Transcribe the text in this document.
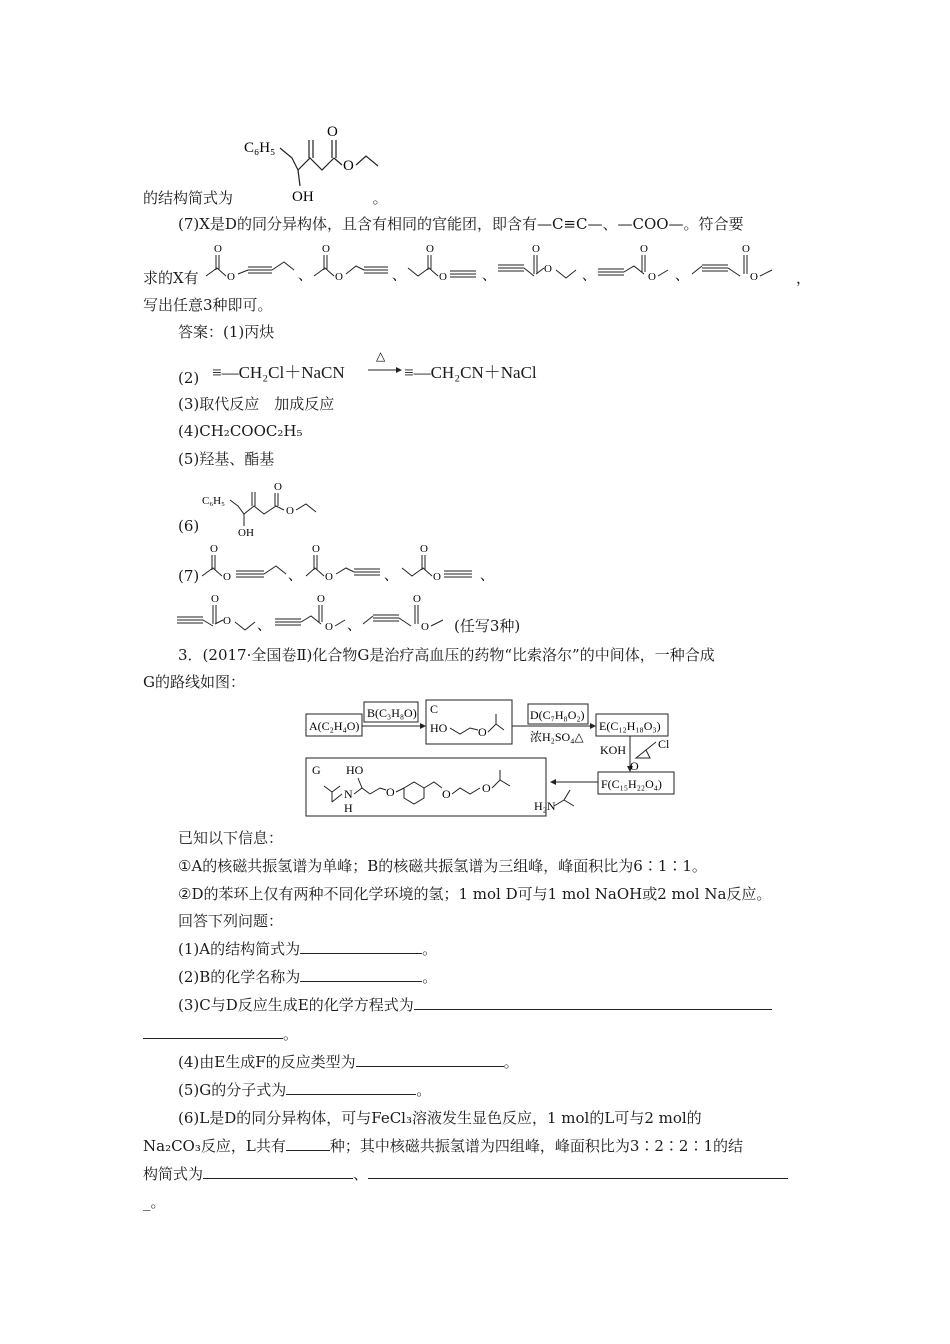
C₆H₅
O
O
OH
的结构简式为	。
(7)X是D的同分异构体，且含有相同的官能团，即含有—C≡C—、—COO—。符合要
求的X有
O
O	、
O
O	、
O
O	、
O
O 、
O
O 、
O
O	，
写出任意3种即可。
答案：(1)丙炔
(2) ≡—CH₂Cl＋NaCN
△
≡—CH₂CN＋NaCl
(3)取代反应　加成反应
(4)CH₂COOC₂H₅
(5)羟基、酯基
(6)
C₆H₅
OH
O
O
(7)
O
O	、
O
O	、
O
O	、
O
O 、
O
O 、
O
O (任写3种)
3．(2017·全国卷Ⅱ)化合物G是治疗高血压的药物“比索洛尔”的中间体，一种合成
G的路线如图：
A(C₂H₄O)
B(C₃H₈O) C
HO	O
D(C₇H₈O₂)
浓H₂SO₄△
E(C₁₂H₁₈O₃)
KOH	Cl
O
F(C₁₅H₂₂O₄)
H₂N
G HO
N
H
O	O	O
已知以下信息：
①A的核磁共振氢谱为单峰；B的核磁共振氢谱为三组峰，峰面积比为6∶1∶1。
②D的苯环上仅有两种不同化学环境的氢；1 mol D可与1 mol NaOH或2 mol Na反应。
回答下列问题：
(1)A的结构简式为	。
(2)B的化学名称为	。
(3)C与D反应生成E的化学方程式为
。
(4)由E生成F的反应类型为	。
(5)G的分子式为	。
(6)L是D的同分异构体，可与FeCl₃溶液发生显色反应，1 mol的L可与2 mol的
Na₂CO₃反应，L共有	种；其中核磁共振氢谱为四组峰，峰面积比为3∶2∶2∶1的结
构简式为	、
_。
